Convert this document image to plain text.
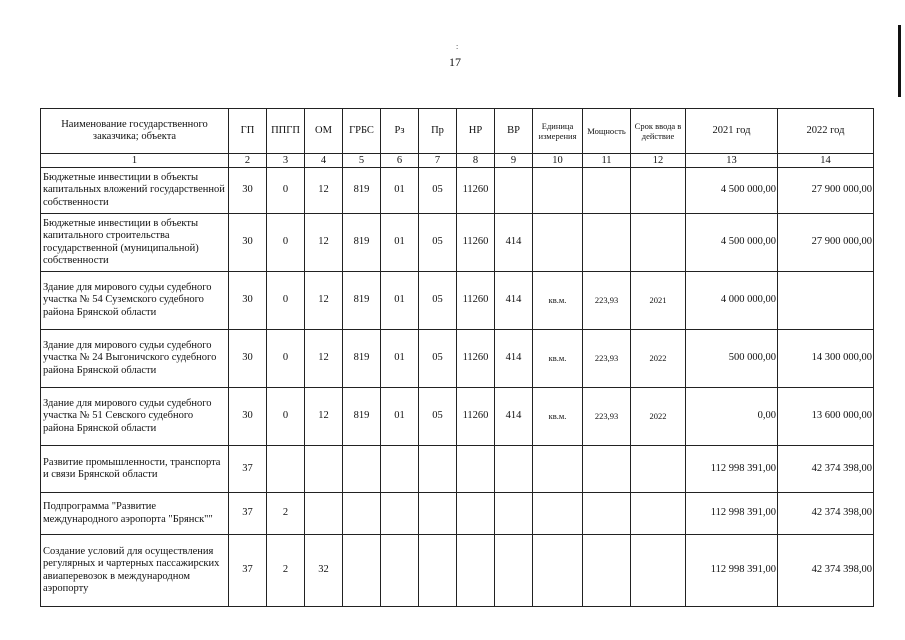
:
17
Наименование государственного заказчика; объекта	ГП	ППГП	ОМ	ГРБС	Рз	Пр	НР	ВР	Единица измерения	Мощность	Срок ввода в действие	2021 год	2022 год
1	2	3	4	5	6	7	8	9	10	11	12	13	14
Бюджетные инвестиции в объекты капитальных вложений государственной собственности	30	0	12	819	01	05	11260					4 500 000,00	27 900 000,00
Бюджетные инвестиции в объекты капитального строительства государственной (муниципальной) собственности	30	0	12	819	01	05	11260	414				4 500 000,00	27 900 000,00
Здание для мирового судьи судебного участка № 54 Суземского судебного района Брянской области	30	0	12	819	01	05	11260	414	кв.м.	223,93	2021	4 000 000,00	
Здание для мирового судьи судебного участка № 24 Выгоничского судебного района Брянской области	30	0	12	819	01	05	11260	414	кв.м.	223,93	2022	500 000,00	14 300 000,00
Здание для мирового судьи судебного участка № 51 Севского судебного района Брянской области	30	0	12	819	01	05	11260	414	кв.м.	223,93	2022	0,00	13 600 000,00
Развитие промышленности, транспорта и связи Брянской области	37											112 998 391,00	42 374 398,00
Подпрограмма "Развитие международного аэропорта "Брянск""	37	2										112 998 391,00	42 374 398,00
Создание условий для осуществления регулярных и чартерных пассажирских авиаперевозок в международном аэропорту	37	2	32									112 998 391,00	42 374 398,00
